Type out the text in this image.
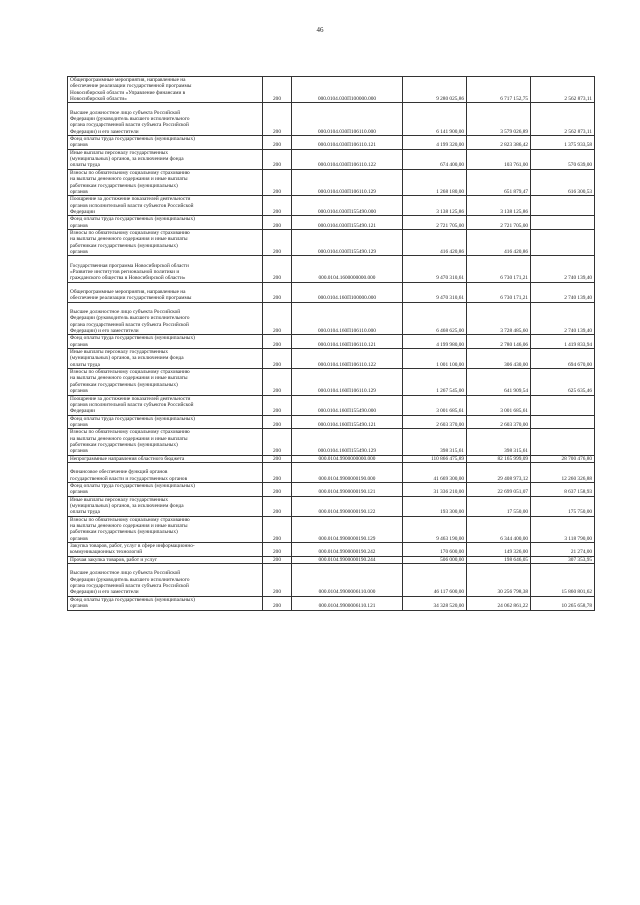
46
Общепрограммные мероприятия, направленные на
обеспечение реализации государственной программы
Новосибирской области «Управление финансами в
Новосибирской области»	200	000.0104.030П100000.000	9 280 025,86	6 717 152,75	2 562 873,11

Высшее должностное лицо субъекта Российской
Федерации (руководитель высшего исполнительного
органа государственной власти субъекта Российской
Федерации) и его заместители	200	000.0104.030П106110.000	6 141 900,00	3 579 026,89	2 562 873,11
Фонд оплаты труда государственных (муниципальных)
органов	200	000.0104.030П106110.121	4 199 320,00	2 823 386,42	1 375 933,58
Иные выплаты персоналу государственных
(муниципальных) органов, за исключением фонда
оплаты труда	200	000.0104.030П106110.122	674 400,00	103 761,00	570 639,00
Взносы по обязательному социальному страхованию
на выплаты денежного содержания и иные выплаты
работникам государственных (муниципальных)
органов	200	000.0104.030П106110.129	1 268 180,00	651 879,47	616 300,53
Поощрение за достижение показателей деятельности
органов исполнительной власти субъектов Российской
Федерации	200	000.0104.030П155490.000	3 138 125,86	3 138 125,86	
Фонд оплаты труда государственных (муниципальных)
органов	200	000.0104.030П155490.121	2 721 705,00	2 721 705,00	
Взносы по обязательному социальному страхованию
на выплаты денежного содержания и иные выплаты
работникам государственных (муниципальных)
органов	200	000.0104.030П155490.129	416 420,86	416 420,86	

Государственная программа Новосибирской области
«Развитие институтов региональной политики и
гражданского общества в Новосибирской области»	200	000.0104.1600000000.000	9 470 310,61	6 730 171,21	2 740 139,40

Общепрограммные мероприятия, направленные на
обеспечение реализации государственной программы	200	000.0104.160П100000.000	9 470 310,61	6 730 171,21	2 740 139,40

Высшее должностное лицо субъекта Российской
Федерации (руководитель высшего исполнительного
органа государственной власти субъекта Российской
Федерации) и его заместители	200	000.0104.160П106110.000	6 468 625,00	3 728 485,60	2 740 139,40
Фонд оплаты труда государственных (муниципальных)
органов	200	000.0104.160П106110.121	4 199 980,00	2 780 146,06	1 419 833,94
Иные выплаты персоналу государственных
(муниципальных) органов, за исключением фонда
оплаты труда	200	000.0104.160П106110.122	1 001 100,00	306 430,00	694 670,00
Взносы по обязательному социальному страхованию
на выплаты денежного содержания и иные выплаты
работникам государственных (муниципальных)
органов	200	000.0104.160П106110.129	1 267 545,00	641 909,54	625 635,46
Поощрение за достижение показателей деятельности
органов исполнительной власти субъектов Российской
Федерации	200	000.0104.160П155490.000	3 001 685,61	3 001 685,61	
Фонд оплаты труда государственных (муниципальных)
органов	200	000.0104.160П155490.121	2 603 370,00	2 603 370,00	
Взносы по обязательному социальному страхованию
на выплаты денежного содержания и иные выплаты
работникам государственных (муниципальных)
органов	200	000.0104.160П155490.129	398 315,61	398 315,61	
Непрограммные направления областного бюджета	200	000.0104.9900000000.000	110 866 475,89	82 165 999,09	28 700 476,80

Финансовое обеспечение функций органов
государственной власти и государственных органов	200	000.0104.9900000190.000	41 669 300,00	29 408 973,12	12 260 326,88
Фонд оплаты труда государственных (муниципальных)
органов	200	000.0104.9900000190.121	31 336 210,00	22 699 051,07	8 637 158,93
Иные выплаты персоналу государственных
(муниципальных) органов, за исключением фонда
оплаты труда	200	000.0104.9900000190.122	193 300,00	17 550,00	175 750,00
Взносы по обязательному социальному страхованию
на выплаты денежного содержания и иные выплаты
работникам государственных (муниципальных)
органов	200	000.0104.9900000190.129	9 463 190,00	6 344 400,00	3 118 790,00
Закупка товаров, работ, услуг в сфере информационно-
коммуникационных технологий	200	000.0104.9900000190.242	170 600,00	149 326,00	21 274,00
Прочая закупка товаров, работ и услуг	200	000.0104.9900000190.244	506 000,00	198 646,05	307 353,95

Высшее должностное лицо субъекта Российской
Федерации (руководитель высшего исполнительного
органа государственной власти субъекта Российской
Федерации) и его заместители	200	000.0104.9900006110.000	46 117 600,00	30 256 798,38	15 860 801,62
Фонд оплаты труда государственных (муниципальных)
органов	200	000.0104.9900006110.121	34 328 520,00	24 062 861,22	10 265 658,78
